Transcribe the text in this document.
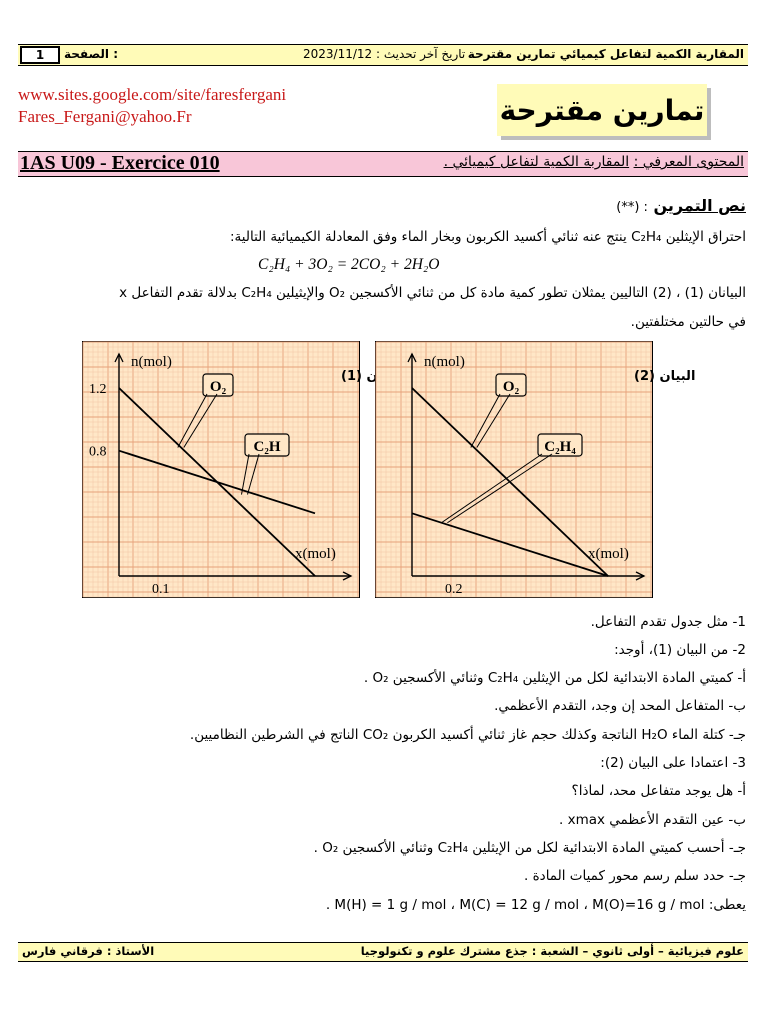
1	الصفحة :	2023/11/12 : تاريخ آخر تحديث المقاربة الكمية لتفاعل كيميائي تمارين مقترحة
www.sites.google.com/site/faresfergani
Fares_Fergani@yahoo.Fr	تمارين مقترحة
1AS U09 - Exercice 010	المحتوى المعرفي : المقاربة الكمية لتفاعل كيميائي .
نص التمرين : (**)
احتراق الإيثلين C₂H₄ ينتج عنه ثنائي أكسيد الكربون وبخار الماء وفق المعادلة الكيميائية التالية:
C₂H₄ + 3O₂ = 2CO₂ + 2H₂O
البيانان (1) ، (2) التاليين يمثلان تطور كمية مادة كل من ثنائي الأكسجين O₂ والإيثيلين C₂H₄ بدلالة تقدم التفاعل x
في حالتين مختلفتين.
n(mol)
x(mol)
1.2
0.8
0.1
البيان (1)
O₂
C₂H
n(mol)
x(mol)
0.2
البيان (2)
O₂
C₂H₄
1- مثل جدول تقدم التفاعل.
2- من البيان (1)، أوجد:
أ- كميتي المادة الابتدائية لكل من الإيثلين C₂H₄ وثنائي الأكسجين O₂ .
ب- المتفاعل المحد إن وجد، التقدم الأعظمي.
جـ- كتلة الماء H₂O الناتجة وكذلك حجم غاز ثنائي أكسيد الكربون CO₂ الناتج في الشرطين النظاميين.
3- اعتمادا على البيان (2):
أ- هل يوجد متفاعل محد، لماذا؟
ب- عين التقدم الأعظمي xmax .
جـ- أحسب كميتي المادة الابتدائية لكل من الإيثلين C₂H₄ وثنائي الأكسجين O₂ .
جـ- حدد سلم رسم محور كميات المادة .
يعطى: M(H) = 1 g / mol ، M(C) = 12 g / mol ، M(O)=16 g / mol .
الأستاذ : فرقاني فارس	علوم فيزيائية – أولى ثانوي – الشعبة : جذع مشترك علوم و تكنولوجيا
